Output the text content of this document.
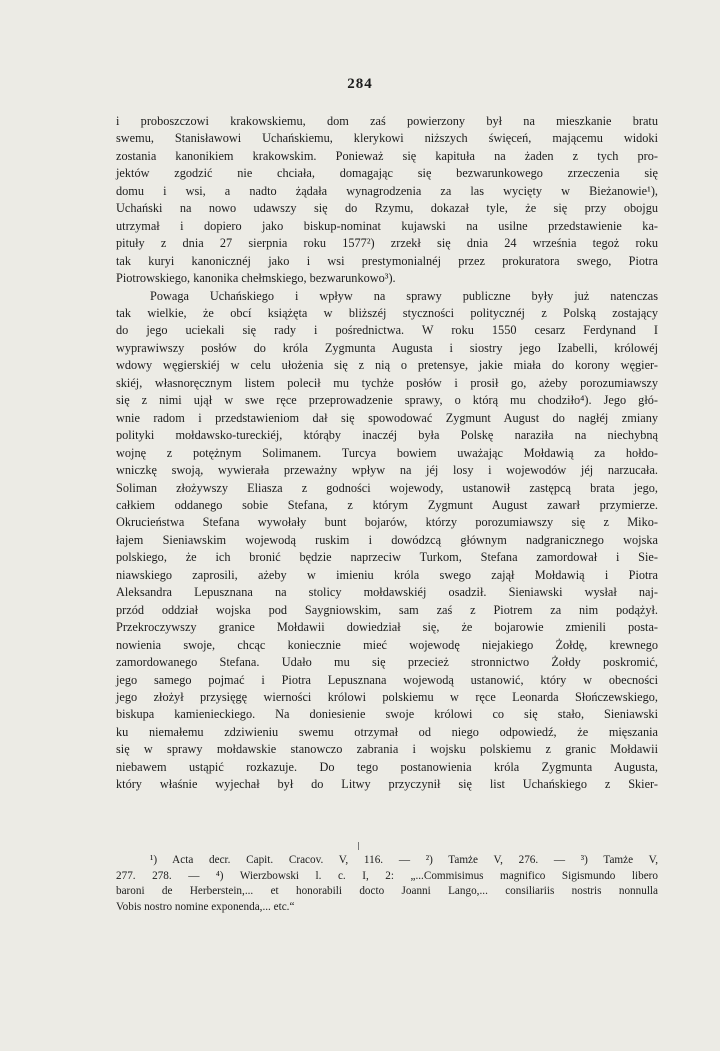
284
i proboszczowi krakowskiemu, dom zaś powierzony był na mieszkanie bratu
swemu, Stanisławowi Uchańskiemu, klerykowi niższych święceń, mającemu widoki
zostania kanonikiem krakowskim. Ponieważ się kapituła na żaden z tych pro-
jektów zgodzić nie chciała, domagając się bezwarunkowego zrzeczenia się
domu i wsi, a nadto żądała wynagrodzenia za las wycięty w Bieżanowie¹),
Uchański na nowo udawszy się do Rzymu, dokazał tyle, że się przy obojgu
utrzymał i dopiero jako biskup-nominat kujawski na usilne przedstawienie ka-
pituły z dnia 27 sierpnia roku 1577²) zrzekł się dnia 24 września tegoż roku
tak kuryi kanonicznéj jako i wsi prestymonialnéj przez prokuratora swego, Piotra
Piotrowskiego, kanonika chełmskiego, bezwarunkowo³).
Powaga Uchańskiego i wpływ na sprawy publiczne były już natenczas
tak wielkie, że obcí książęta w bliższéj styczności politycznéj z Polską zostający
do jego uciekali się rady i pośrednictwa. W roku 1550 cesarz Ferdynand I
wyprawiwszy posłów do króla Zygmunta Augusta i siostry jego Izabelli, królowéj
wdowy węgierskiéj w celu ułożenia się z nią o pretensye, jakie miała do korony węgier-
skiéj, własnoręcznym listem polecił mu tychże posłów i prosił go, ażeby porozumiawszy
się z nimi ujął w swe ręce przeprowadzenie sprawy, o którą mu chodziło⁴). Jego głó-
wnie radom i przedstawieniom dał się spowodować Zygmunt August do nagłéj zmiany
polityki mołdawsko-tureckiéj, którąby inaczéj była Polskę naraziła na niechybną
wojnę z potężnym Solimanem. Turcya bowiem uważając Mołdawią za hołdo-
wniczkę swoją, wywierała przeważny wpływ na jéj losy i wojewodów jéj narzucała.
Soliman złożywszy Eliasza z godności wojewody, ustanowił zastępcą brata jego,
całkiem oddanego sobie Stefana, z którym Zygmunt August zawarł przymierze.
Okrucieństwa Stefana wywołały bunt bojarów, którzy porozumiawszy się z Miko-
łajem Sieniawskim wojewodą ruskim i dowódzcą głównym nadgranicznego wojska
polskiego, że ich bronić będzie naprzeciw Turkom, Stefana zamordował i Sie-
niawskiego zaprosili, ażeby w imieniu króla swego zajął Mołdawią i Piotra
Aleksandra Lepusznana na stolicy mołdawskiéj osadził. Sieniawski wysłał naj-
przód oddział wojska pod Saygniowskim, sam zaś z Piotrem za nim podążył.
Przekroczywszy granice Mołdawii dowiedział się, że bojarowie zmienili posta-
nowienia swoje, chcąc koniecznie mieć wojewodę niejakiego Żołdę, krewnego
zamordowanego Stefana. Udało mu się przecież stronnictwo Żołdy poskromić,
jego samego pojmać i Piotra Lepusznana wojewodą ustanowić, który w obecności
jego złożył przysięgę wierności królowi polskiemu w ręce Leonarda Słończewskiego,
biskupa kamienieckiego. Na doniesienie swoje królowi co się stało, Sieniawski
ku niemałemu zdziwieniu swemu otrzymał od niego odpowiedź, że mięszania
się w sprawy mołdawskie stanowczo zabrania i wojsku polskiemu z granic Mołdawii
niebawem ustąpić rozkazuje. Do tego postanowienia króla Zygmunta Augusta,
który właśnie wyjechał był do Litwy przyczynił się list Uchańskiego z Skier-
¹) Acta decr. Capit. Cracov. V, 116. — ²) Tamże V, 276. — ³) Tamże V,
277. 278. — ⁴) Wierzbowski l. c. I, 2: „...Commisimus magnifico Sigismundo libero
baroni de Herberstein,... et honorabili docto Joanni Lango,... consiliariis nostris nonnulla
Vobis nostro nomine exponenda,... etc.“
